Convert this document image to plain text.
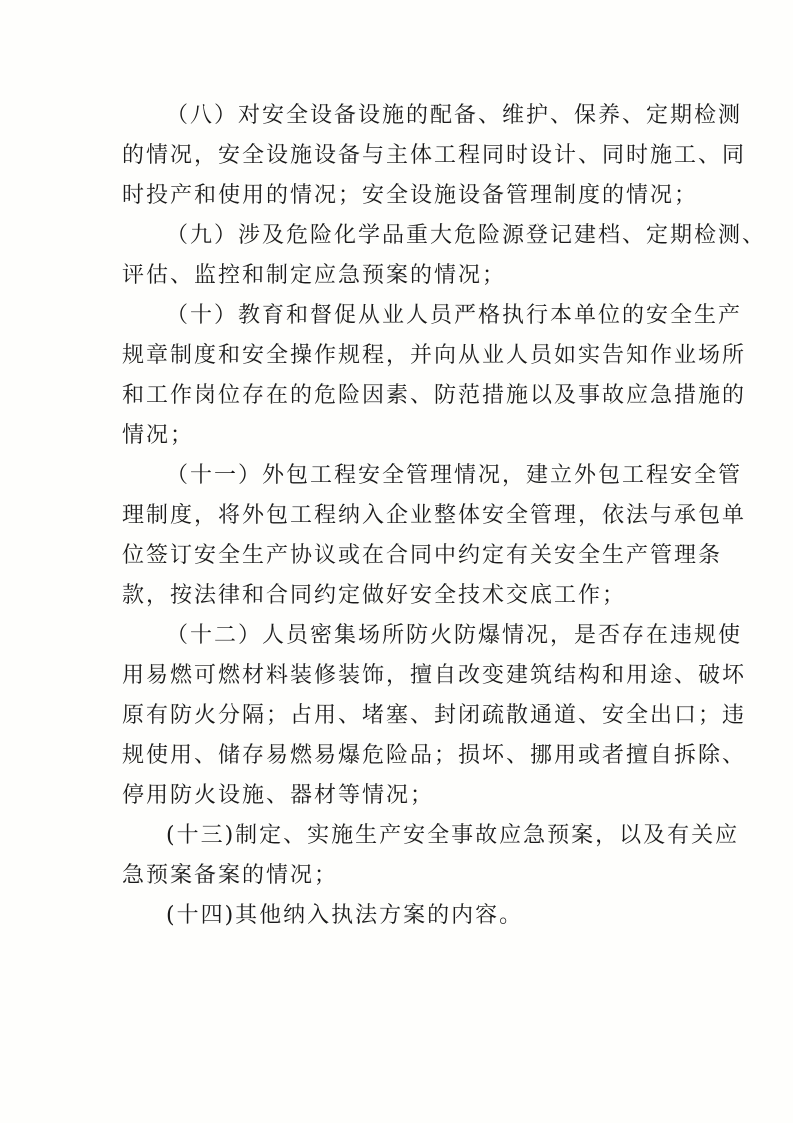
（八）对安全设备设施的配备、维护、保养、定期检测
的情况，安全设施设备与主体工程同时设计、同时施工、同
时投产和使用的情况；安全设施设备管理制度的情况；

（九）涉及危险化学品重大危险源登记建档、定期检测、
评估、监控和制定应急预案的情况；

（十）教育和督促从业人员严格执行本单位的安全生产
规章制度和安全操作规程，并向从业人员如实告知作业场所
和工作岗位存在的危险因素、防范措施以及事故应急措施的
情况；

（十一）外包工程安全管理情况，建立外包工程安全管
理制度，将外包工程纳入企业整体安全管理，依法与承包单
位签订安全生产协议或在合同中约定有关安全生产管理条
款，按法律和合同约定做好安全技术交底工作；

（十二）人员密集场所防火防爆情况，是否存在违规使
用易燃可燃材料装修装饰，擅自改变建筑结构和用途、破坏
原有防火分隔；占用、堵塞、封闭疏散通道、安全出口；违
规使用、储存易燃易爆危险品；损坏、挪用或者擅自拆除、
停用防火设施、器材等情况；

(十三)制定、实施生产安全事故应急预案，以及有关应
急预案备案的情况；

(十四)其他纳入执法方案的内容。
